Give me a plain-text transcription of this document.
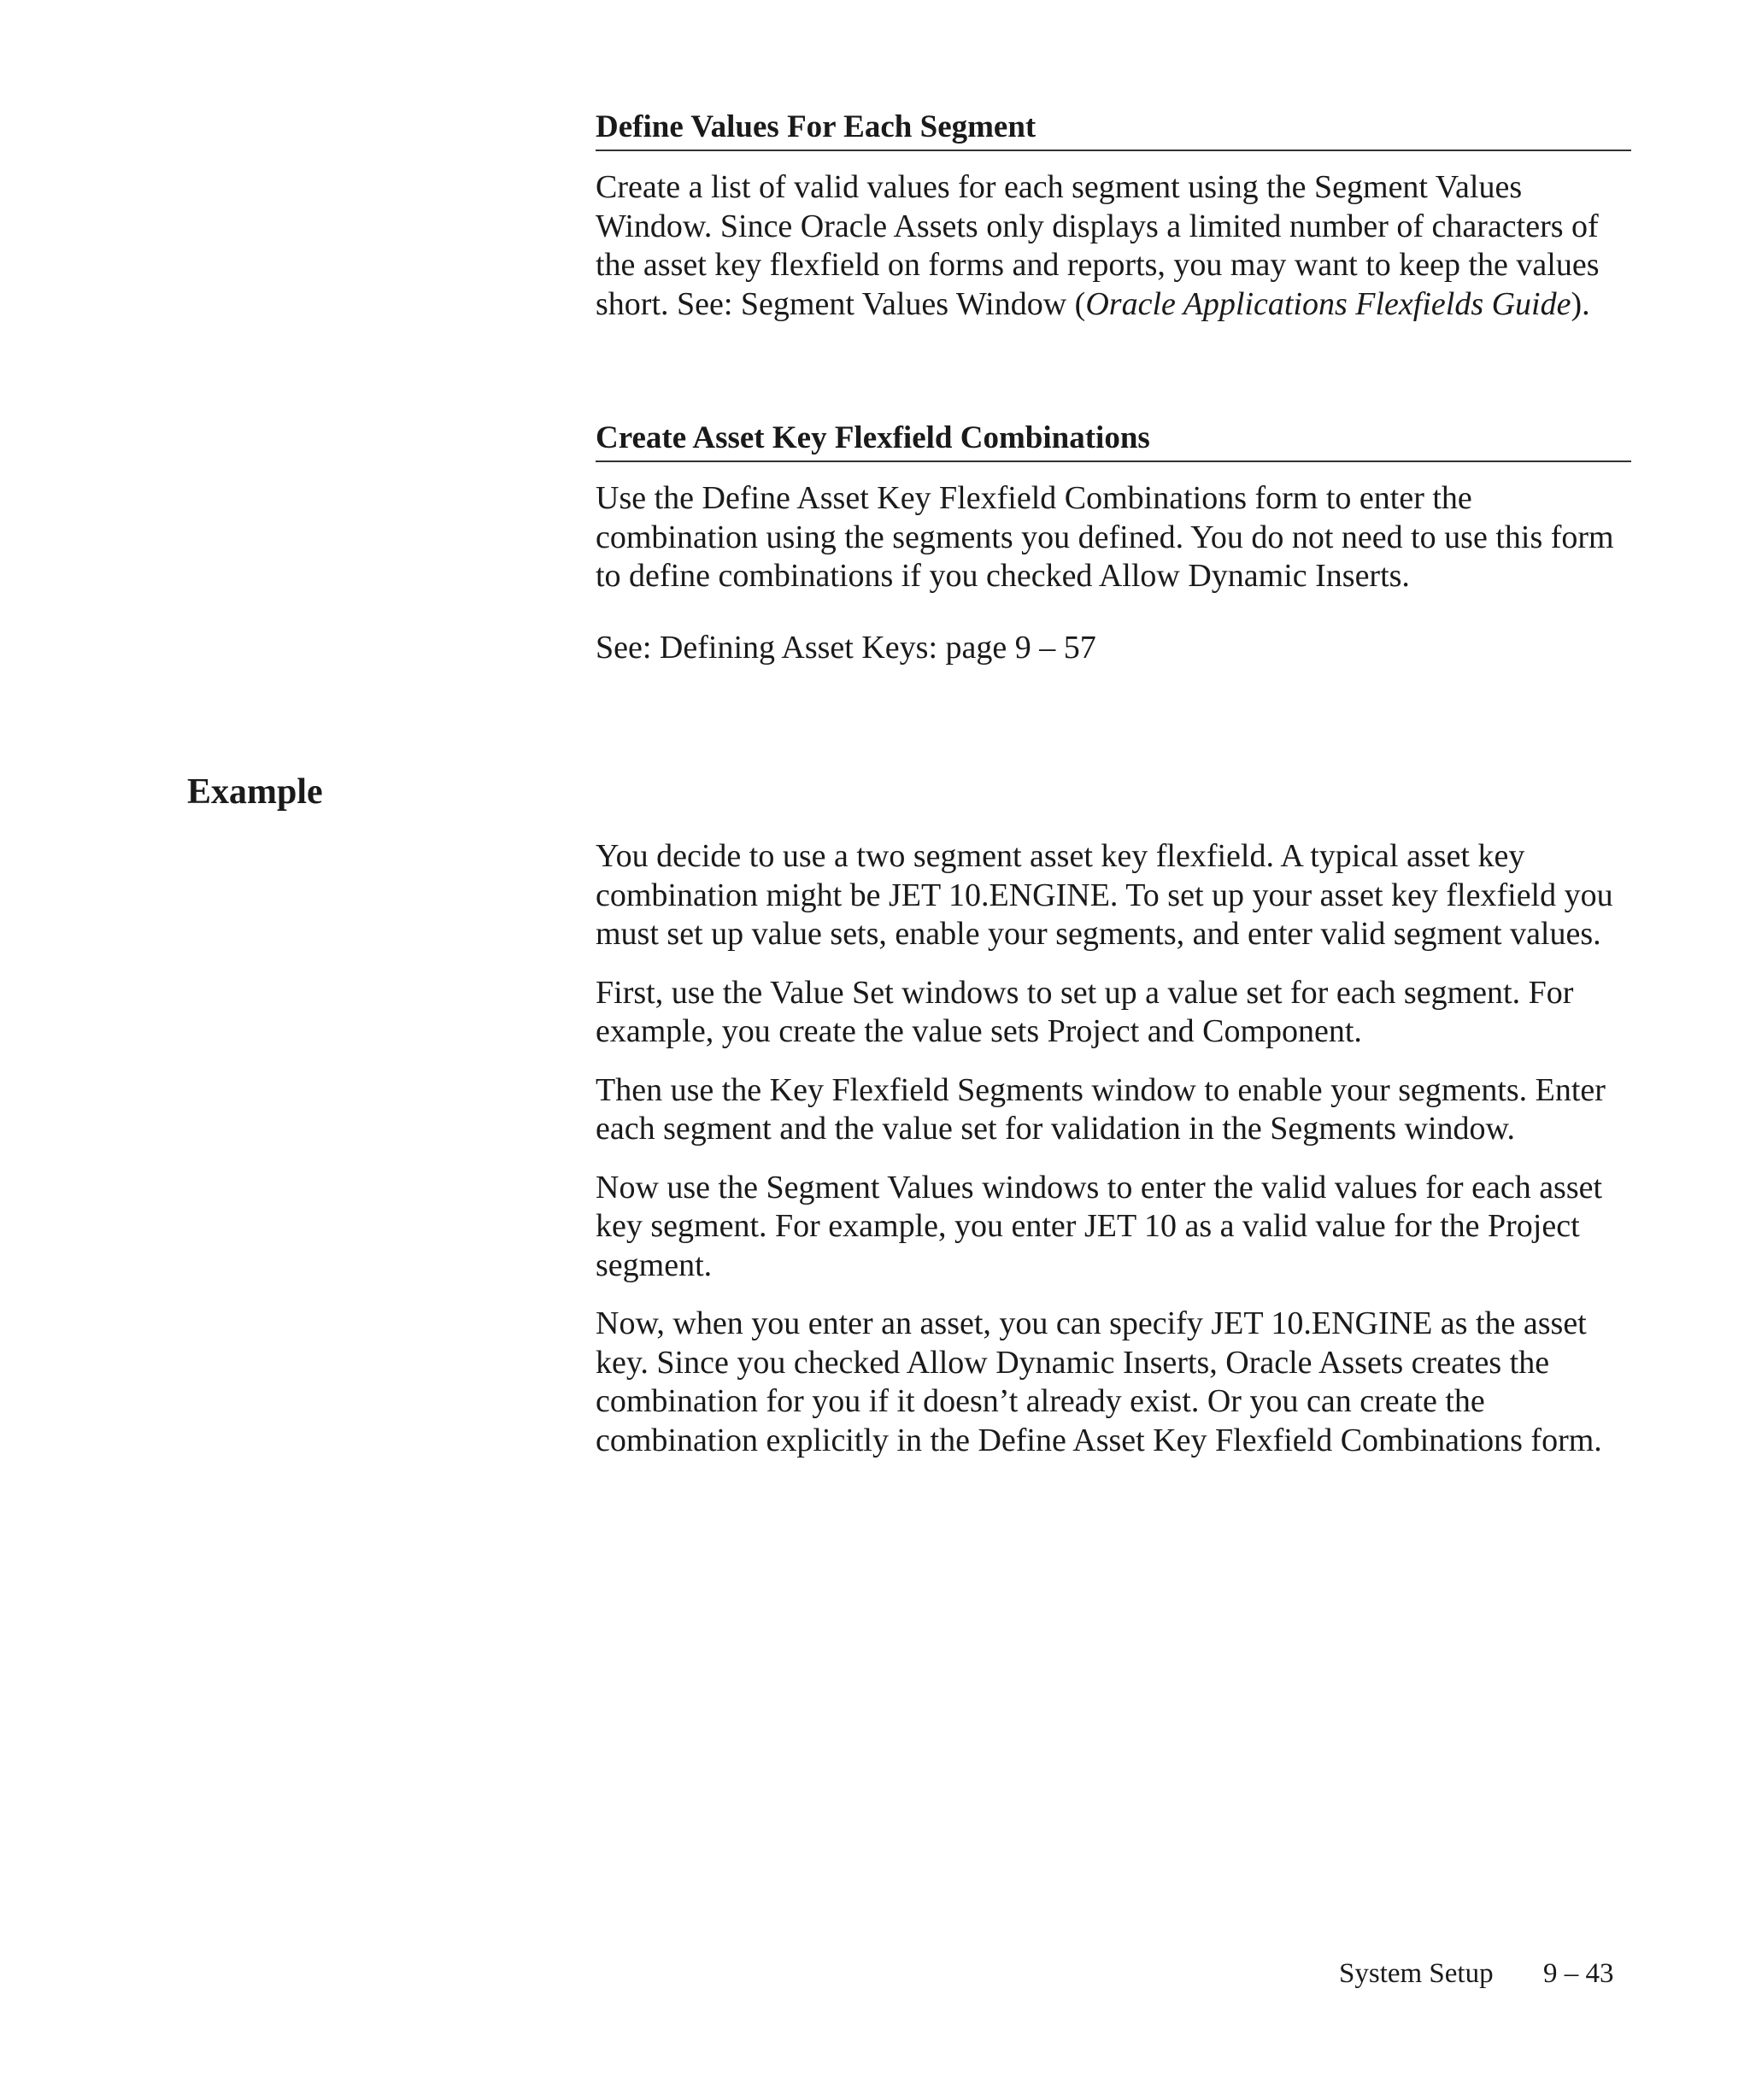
Define Values For Each Segment

Create a list of valid values for each segment using the Segment Values Window. Since Oracle Assets only displays a limited number of characters of the asset key flexfield on forms and reports, you may want to keep the values short. See: Segment Values Window (Oracle Applications Flexfields Guide).

Create Asset Key Flexfield Combinations

Use the Define Asset Key Flexfield Combinations form to enter the combination using the segments you defined. You do not need to use this form to define combinations if you checked Allow Dynamic Inserts.

See: Defining Asset Keys: page 9 – 57

Example

You decide to use a two segment asset key flexfield. A typical asset key combination might be JET 10.ENGINE. To set up your asset key flexfield you must set up value sets, enable your segments, and enter valid segment values.

First, use the Value Set windows to set up a value set for each segment. For example, you create the value sets Project and Component.

Then use the Key Flexfield Segments window to enable your segments. Enter each segment and the value set for validation in the Segments window.

Now use the Segment Values windows to enter the valid values for each asset key segment. For example, you enter JET 10 as a valid value for the Project segment.

Now, when you enter an asset, you can specify JET 10.ENGINE as the asset key. Since you checked Allow Dynamic Inserts, Oracle Assets creates the combination for you if it doesn’t already exist. Or you can create the combination explicitly in the Define Asset Key Flexfield Combinations form.

System Setup 9 – 43
